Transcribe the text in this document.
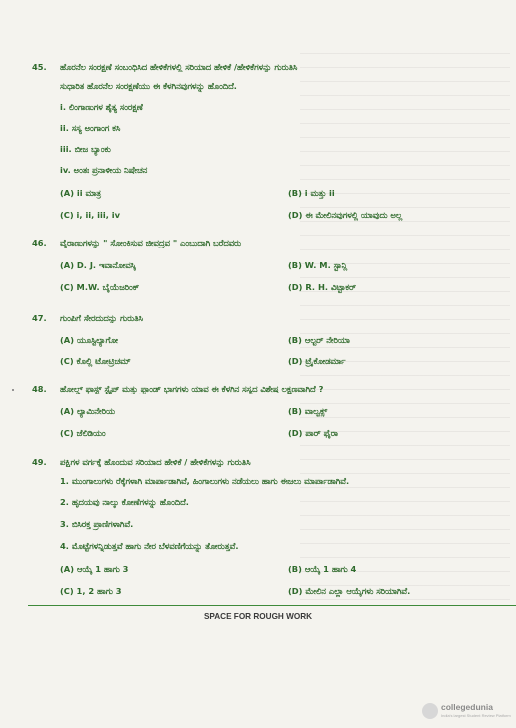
45. ಹೊರನೆಲ ಸಂರಕ್ಷಣೆ ಸಂಬಂಧಿಸಿದ ಹೇಳಿಕೆಗಳಲ್ಲಿ ಸರಿಯಾದ ಹೇಳಿಕೆ /ಹೇಳಿಕೆಗಳನ್ನು ಗುರುತಿಸಿ
ಸುಧಾರಿತ ಹೊರನೆಲ ಸಂರಕ್ಷಣೆಯು ಈ ಕೆಳಗಿನವುಗಳನ್ನು ಹೊಂದಿದೆ.
i. ಲಿಂಗಾಣುಗಳ ಶೈತ್ಯ ಸಂರಕ್ಷಣೆ
ii. ಸಸ್ಯ ಅಂಗಾಂಗ ಕಸಿ
iii. ಬೀಜ ಬ್ಯಾಂಕು
iv. ಅಂತಃ ಪ್ರನಾಳೀಯ ನಿಷೇಚನ
(A) ii ಮಾತ್ರ	(B) i ಮತ್ತು ii
(C) i, ii, iii, iv	(D) ಈ ಮೇಲಿನವುಗಳಲ್ಲಿ ಯಾವುದು ಅಲ್ಲ
46. ವೈರಾಣುಗಳನ್ನು " ಸೋಂಕಿಸುವ ಜೀವದ್ರವ " ಎಂಬುದಾಗಿ ಬರೆದವರು
(A) D. J. ಇವಾನೋವಸ್ಕಿ	(B) W. M. ಸ್ಟಾನ್ಲಿ
(C) M.W. ಬೈಯೆಜರಿಂಕ್	(D) R. H. ವಿಟ್ಟಾಕರ್
47. ಗುಂಪಿಗೆ ಸೇರದುದನ್ನು ಗುರುತಿಸಿ
(A) ಯೂಸ್ಟಿಲ್ಯಾಗೋ	(B) ಆಲ್ಟರ್ ನೇರಿಯಾ
(C) ಕೊಲ್ಲಿ ಟೋಟ್ರಿಚಮ್	(D) ಟ್ರೈಕೋಡರ್ಮಾ
48. ಹೋಲ್ಡ್ ಫಾಸ್ಟ್ ಸ್ಟೈಪ್ ಮತ್ತು ಫ್ರಾಂಡ್ ಭಾಗಗಳು ಯಾವ ಈ ಕೆಳಗಿನ ಸಸ್ಯದ ವಿಶೇಷ ಲಕ್ಷಣವಾಗಿದೆ ?
(A) ಲ್ಯಾಮಿನೇರಿಯ	(B) ವಾಲ್ವಕ್ಸ್
(C) ಜೆಲಿಡಿಯಂ	(D) ಪಾರ್ ಫೈರಾ
49. ಪಕ್ಷಿಗಳ ವರ್ಗಕ್ಕೆ ಹೊಂದುವ ಸರಿಯಾದ ಹೇಳಿಕೆ / ಹೇಳಿಕೆಗಳನ್ನು ಗುರುತಿಸಿ
1. ಮುಂಗಾಲುಗಳು ರೆಕ್ಕೆಗಳಾಗಿ ಮಾರ್ಪಾಡಾಗಿವೆ, ಹಿಂಗಾಲುಗಳು ನಡೆಯಲು ಹಾಗು ಈಜಲು ಮಾರ್ಪಾಡಾಗಿವೆ.
2. ಹೃದಯವು ನಾಲ್ಕು ಕೋಣೆಗಳನ್ನು ಹೊಂದಿದೆ.
3. ಬಿಸಿರಕ್ತ ಪ್ರಾಣಿಗಳಾಗಿವೆ.
4. ಮೊಟ್ಟೆಗಳನ್ನಿಡುತ್ತವೆ ಹಾಗು ನೇರ ಬೆಳವಣಿಗೆಯನ್ನು ತೋರುತ್ತವೆ.
(A) ಆಯ್ಕೆ 1 ಹಾಗು 3	(B) ಆಯ್ಕೆ 1 ಹಾಗು 4
(C) 1, 2 ಹಾಗು 3	(D) ಮೇಲಿನ ಎಲ್ಲಾ ಆಯ್ಕೆಗಳು ಸರಿಯಾಗಿವೆ.
SPACE FOR ROUGH WORK
collegedunia
India's largest Student Review Platform
